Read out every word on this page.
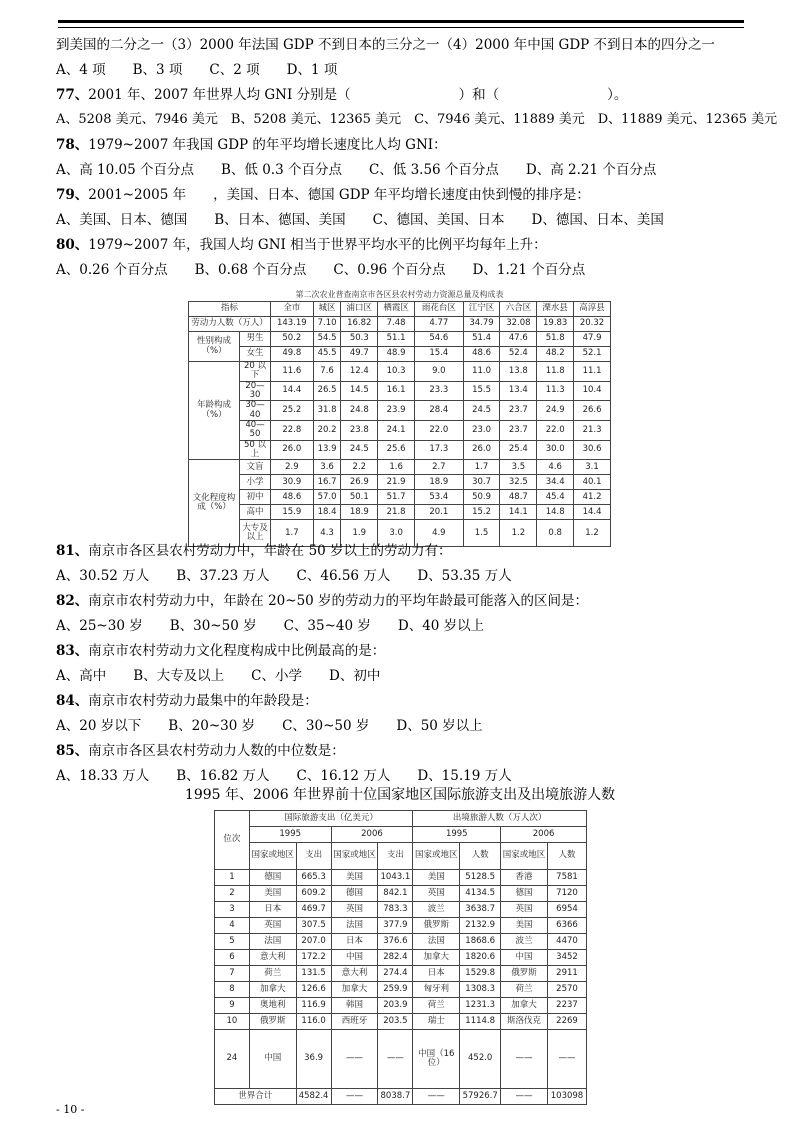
到美国的二分之一（3）2000 年法国 GDP 不到日本的三分之一（4）2000 年中国 GDP 不到日本的四分之一
A、4 项　　B、3 项　　C、2 项　　D、1 项
77、2001 年、2007 年世界人均 GNI 分别是（　　　　　　　　）和（　　　　　　　　）。
A、5208 美元、7946 美元　B、5208 美元、12365 美元　C、7946 美元、11889 美元　D、11889 美元、12365 美元
78、1979~2007 年我国 GDP 的年平均增长速度比人均 GNI：
A、高 10.05 个百分点　　B、低 0.3 个百分点　　C、低 3.56 个百分点　　D、高 2.21 个百分点
79、2001~2005 年　　，美国、日本、德国 GDP 年平均增长速度由快到慢的排序是：
A、美国、日本、德国　　B、日本、德国、美国　　C、德国、美国、日本　　D、德国、日本、美国
80、1979~2007 年，我国人均 GNI 相当于世界平均水平的比例平均每年上升：
A、0.26 个百分点　　B、0.68 个百分点　　C、0.96 个百分点　　D、1.21 个百分点
第二次农业普查南京市各区县农村劳动力资源总量及构成表										
指标		全市	城区	浦口区	栖霞区	雨花台区	江宁区	六合区	溧水县	高淳县
劳动力人数（万人）		143.19	7.10	16.82	7.48	4.77	34.79	32.08	19.83	20.32
性别构成（%）	男生	50.2	54.5	50.3	51.1	54.6	51.4	47.6	51.8	47.9
	女生	49.8	45.5	49.7	48.9	15.4	48.6	52.4	48.2	52.1
年龄构成（%）	20 以下	11.6	7.6	12.4	10.3	9.0	11.0	13.8	11.8	11.1
	20—30	14.4	26.5	14.5	16.1	23.3	15.5	13.4	11.3	10.4
	30—40	25.2	31.8	24.8	23.9	28.4	24.5	23.7	24.9	26.6
	40—50	22.8	20.2	23.8	24.1	22.0	23.0	23.7	22.0	21.3
	50 以上	26.0	13.9	24.5	25.6	17.3	26.0	25.4	30.0	30.6
文化程度构成（%）	文盲	2.9	3.6	2.2	1.6	2.7	1.7	3.5	4.6	3.1
	小学	30.9	16.7	26.9	21.9	18.9	30.7	32.5	34.4	40.1
	初中	48.6	57.0	50.1	51.7	53.4	50.9	48.7	45.4	41.2
	高中	15.9	18.4	18.9	21.8	20.1	15.2	14.1	14.8	14.4
	大专及以上	1.7	4.3	1.9	3.0	4.9	1.5	1.2	0.8	1.2
81、南京市各区县农村劳动力中，年龄在 50 岁以上的劳动力有：
A、30.52 万人　　B、37.23 万人　　C、46.56 万人　　D、53.35 万人
82、南京市农村劳动力中，年龄在 20~50 岁的劳动力的平均年龄最可能落入的区间是：
A、25~30 岁　　B、30~50 岁　　C、35~40 岁　　D、40 岁以上
83、南京市农村劳动力文化程度构成中比例最高的是：
A、高中　　B、大专及以上　　C、小学　　D、初中
84、南京市农村劳动力最集中的年龄段是：
A、20 岁以下　　B、20~30 岁　　C、30~50 岁　　D、50 岁以上
85、南京市各区县农村劳动力人数的中位数是：
A、18.33 万人　　B、16.82 万人　　C、16.12 万人　　D、15.19 万人
1995 年、2006 年世界前十位国家地区国际旅游支出及出境旅游人数
位次	国际旅游支出（亿美元）				出境旅游人数（万人次）			
	1995		2006		1995		2006	
	国家或地区	支出	国家或地区	支出	国家或地区	人数	国家或地区	人数
1	德国	665.3	美国	1043.1	美国	5128.5	香港	7581
2	美国	609.2	德国	842.1	英国	4134.5	德国	7120
3	日本	469.7	英国	783.3	波兰	3638.7	英国	6954
4	英国	307.5	法国	377.9	俄罗斯	2132.9	美国	6366
5	法国	207.0	日本	376.6	法国	1868.6	波兰	4470
6	意大利	172.2	中国	282.4	加拿大	1820.6	中国	3452
7	荷兰	131.5	意大利	274.4	日本	1529.8	俄罗斯	2911
8	加拿大	126.6	加拿大	259.9	匈牙利	1308.3	荷兰	2570
9	奥地利	116.9	韩国	203.9	荷兰	1231.3	加拿大	2237
10	俄罗斯	116.0	西班牙	203.5	瑞士	1114.8	斯洛伐克	2269
24	中国	36.9	——	——	中国（16 位）	452.0	——	——
世界合计		4582.4	——	8038.7	——	57926.7	——	103098
- 10 -
